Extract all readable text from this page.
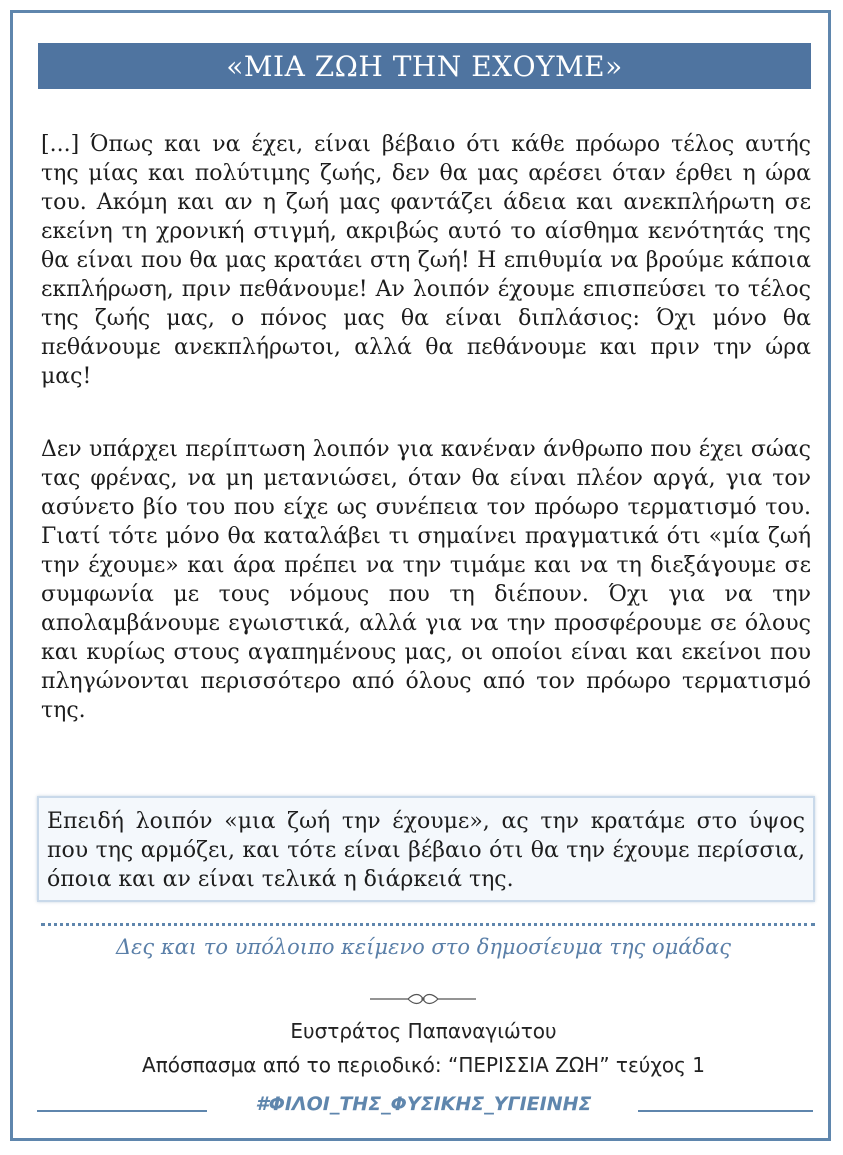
«ΜΙΑ ΖΩΗ ΤΗΝ ΕΧΟΥΜΕ»

[...] Όπως και να έχει, είναι βέβαιο ότι κάθε πρόωρο τέλος αυτής της μίας και πολύτιμης ζωής, δεν θα μας αρέσει όταν έρθει η ώρα του. Ακόμη και αν η ζωή μας φαντάζει άδεια και ανεκπλήρωτη σε εκείνη τη χρονική στιγμή, ακριβώς αυτό το αίσθημα κενότητάς της θα είναι που θα μας κρατάει στη ζωή! Η επιθυμία να βρούμε κάποια εκπλήρωση, πριν πεθάνουμε! Αν λοιπόν έχουμε επισπεύσει το τέλος της ζωής μας, ο πόνος μας θα είναι διπλάσιος: Όχι μόνο θα πεθάνουμε ανεκπλήρωτοι, αλλά θα πεθάνουμε και πριν την ώρα μας!

Δεν υπάρχει περίπτωση λοιπόν για κανέναν άνθρωπο που έχει σώας τας φρένας, να μη μετανιώσει, όταν θα είναι πλέον αργά, για τον ασύνετο βίο του που είχε ως συνέπεια τον πρόωρο τερματισμό του. Γιατί τότε μόνο θα καταλάβει τι σημαίνει πραγματικά ότι «μία ζωή την έχουμε» και άρα πρέπει να την τιμάμε και να τη διεξάγουμε σε συμφωνία με τους νόμους που τη διέπουν. Όχι για να την απολαμβάνουμε εγωιστικά, αλλά για να την προσφέρουμε σε όλους και κυρίως στους αγαπημένους μας, οι οποίοι είναι και εκείνοι που πληγώνονται περισσότερο από όλους από τον πρόωρο τερματισμό της.

Επειδή λοιπόν «μια ζωή την έχουμε», ας την κρατάμε στο ύψος που της αρμόζει, και τότε είναι βέβαιο ότι θα την έχουμε περίσσια, όποια και αν είναι τελικά η διάρκειά της.

Δες και το υπόλοιπο κείμενο στο δημοσίευμα της ομάδας
Ευστράτος Παπαναγιώτου
Απόσπασμα από το περιοδικό: “ΠΕΡΙΣΣΙΑ ΖΩΗ” τεύχος 1
#ΦΙΛΟΙ_ΤΗΣ_ΦΥΣΙΚΗΣ_ΥΓΙΕΙΝΗΣ
